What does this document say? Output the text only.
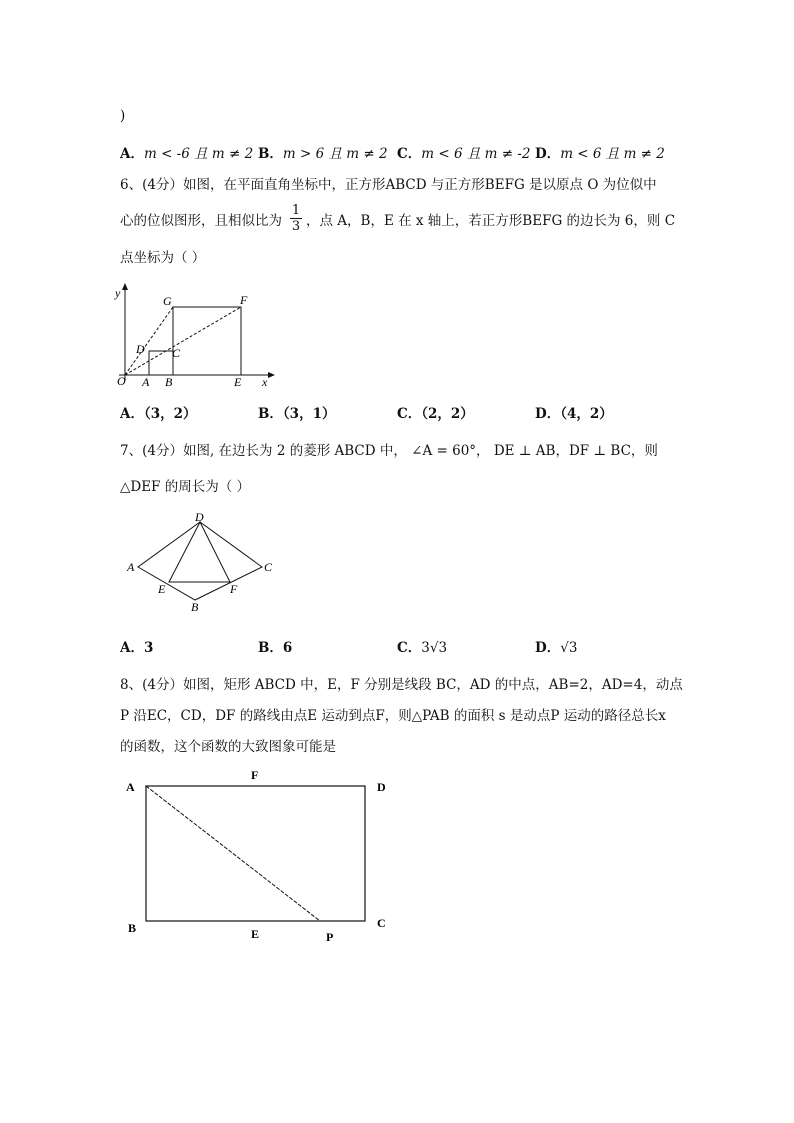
)
A．m < -6 且 m ≠ 2 B．m > 6 且 m ≠ 2 C．m < 6 且 m ≠ -2 D．m < 6 且 m ≠ 2
6、(4分）如图，在平面直角坐标中，正方形ABCD 与正方形BEFG 是以原点 O 为位似中
心的位似图形，且相似比为
1
3 ，点 A，B，E 在 x 轴上，若正方形BEFG 的边长为 6，则 C
点坐标为（ ）
y
O A B	E x
D C
G	F
A．（3，2）	B．（3，1）	C．（2，2）	D．（4，2）
7、(4分）如图, 在边长为 2 的菱形 ABCD 中， ∠A = 60°， DE ⊥ AB，DF ⊥ BC，则
△DEF 的周长为（ ）
D
A	C
E	F
B
A．3	B．6	C．3√3	D．√3
8、(4分）如图，矩形 ABCD 中，E，F 分别是线段 BC，AD 的中点，AB=2，AD=4，动点
P 沿EC，CD，DF 的路线由点E 运动到点F，则△PAB 的面积 s 是动点P 运动的路径总长x
的函数，这个函数的大致图象可能是
A
F
D
B	E	P
C
